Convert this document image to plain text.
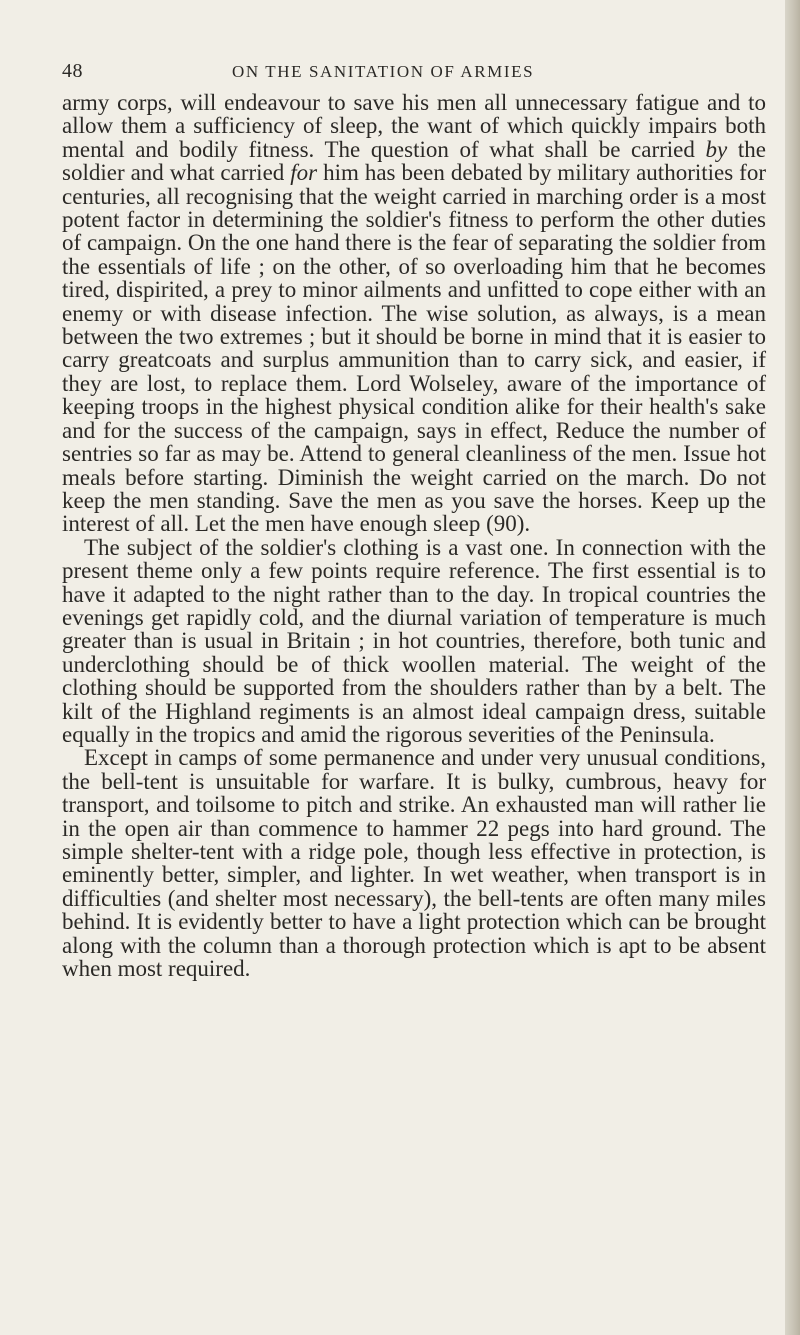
48	ON THE SANITATION OF ARMIES

army corps, will endeavour to save his men all unnecessary fatigue and to allow them a sufficiency of sleep, the want of which quickly impairs both mental and bodily fitness. The question of what shall be carried by the soldier and what carried for him has been debated by military authorities for centuries, all recognising that the weight carried in marching order is a most potent factor in determining the soldier's fitness to perform the other duties of campaign. On the one hand there is the fear of separating the soldier from the essentials of life ; on the other, of so overloading him that he becomes tired, dispirited, a prey to minor ailments and unfitted to cope either with an enemy or with disease infection. The wise solution, as always, is a mean between the two extremes ; but it should be borne in mind that it is easier to carry greatcoats and surplus ammunition than to carry sick, and easier, if they are lost, to replace them. Lord Wolseley, aware of the importance of keeping troops in the highest physical condition alike for their health's sake and for the success of the campaign, says in effect, Reduce the number of sentries so far as may be. Attend to general cleanliness of the men. Issue hot meals before starting. Diminish the weight carried on the march. Do not keep the men standing. Save the men as you save the horses. Keep up the interest of all. Let the men have enough sleep (90).

The subject of the soldier's clothing is a vast one. In connection with the present theme only a few points require reference. The first essential is to have it adapted to the night rather than to the day. In tropical countries the evenings get rapidly cold, and the diurnal variation of temperature is much greater than is usual in Britain ; in hot countries, therefore, both tunic and underclothing should be of thick woollen material. The weight of the clothing should be supported from the shoulders rather than by a belt. The kilt of the Highland regiments is an almost ideal campaign dress, suitable equally in the tropics and amid the rigorous severities of the Peninsula.

Except in camps of some permanence and under very unusual conditions, the bell-tent is unsuitable for warfare. It is bulky, cumbrous, heavy for transport, and toilsome to pitch and strike. An exhausted man will rather lie in the open air than commence to hammer 22 pegs into hard ground. The simple shelter-tent with a ridge pole, though less effective in protection, is eminently better, simpler, and lighter. In wet weather, when transport is in difficulties (and shelter most necessary), the bell-tents are often many miles behind. It is evidently better to have a light protection which can be brought along with the column than a thorough protection which is apt to be absent when most required.
